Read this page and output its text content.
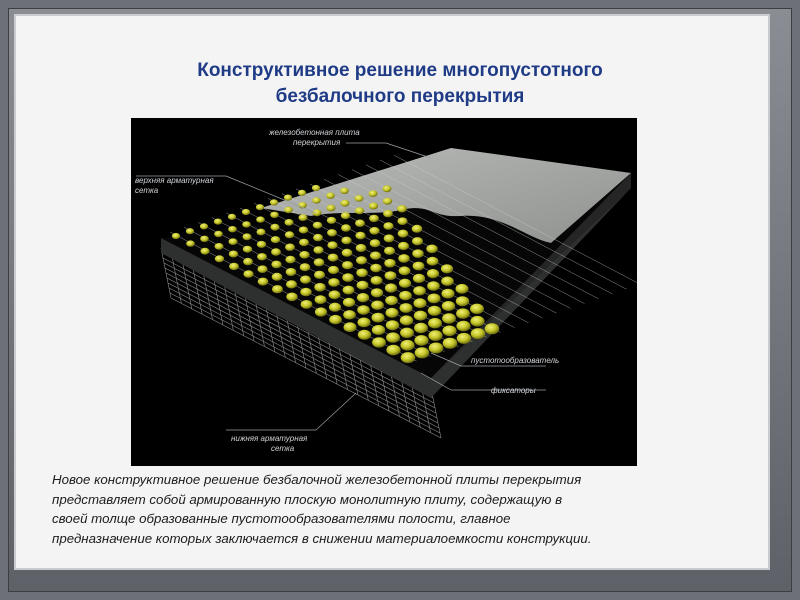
Конструктивное решение многопустотного
безбалочного перекрытия
железобетонная плита
перекрытия
верхняя арматурная
сетка
пустотообразователь
фиксаторы
нижняя арматурная
сетка
Новое конструктивное решение безбалочной железобетонной плиты перекрытия
представляет собой армированную плоскую монолитную плиту, содержащую в
своей толще образованные пустотообразователями полости, главное
предназначение которых заключается в снижении материалоемкости конструкции.
